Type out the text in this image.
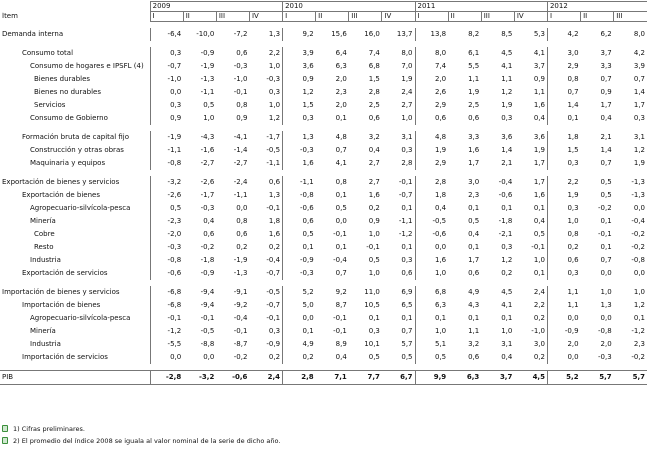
	2009				2010				2011				2012		
Ítem	I	II	III	IV	I	II	III	IV	I	II	III	IV	I	II	III

Demanda interna	-6,4	-10,0	-7,2	1,3	9,2	15,6	16,0	13,7	13,8	8,2	8,5	5,3	4,2	6,2	8,0

Consumo total	0,3	-0,9	0,6	2,2	3,9	6,4	7,4	8,0	8,0	6,1	4,5	4,1	3,0	3,7	4,2
Consumo de hogares e IPSFL (4)	-0,7	-1,9	-0,3	1,0	3,6	6,3	6,8	7,0	7,4	5,5	4,1	3,7	2,9	3,3	3,9
Bienes durables	-1,0	-1,3	-1,0	-0,3	0,9	2,0	1,5	1,9	2,0	1,1	1,1	0,9	0,8	0,7	0,7
Bienes no durables	0,0	-1,1	-0,1	0,3	1,2	2,3	2,8	2,4	2,6	1,9	1,2	1,1	0,7	0,9	1,4
Servicios	0,3	0,5	0,8	1,0	1,5	2,0	2,5	2,7	2,9	2,5	1,9	1,6	1,4	1,7	1,7
Consumo de Gobierno	0,9	1,0	0,9	1,2	0,3	0,1	0,6	1,0	0,6	0,6	0,3	0,4	0,1	0,4	0,3

Formación bruta de capital fijo	-1,9	-4,3	-4,1	-1,7	1,3	4,8	3,2	3,1	4,8	3,3	3,6	3,6	1,8	2,1	3,1
Construcción y otras obras	-1,1	-1,6	-1,4	-0,5	-0,3	0,7	0,4	0,3	1,9	1,6	1,4	1,9	1,5	1,4	1,2
Maquinaria y equipos	-0,8	-2,7	-2,7	-1,1	1,6	4,1	2,7	2,8	2,9	1,7	2,1	1,7	0,3	0,7	1,9

Exportación de bienes y servicios	-3,2	-2,6	-2,4	0,6	-1,1	0,8	2,7	-0,1	2,8	3,0	-0,4	1,7	2,2	0,5	-1,3
Exportación de bienes	-2,6	-1,7	-1,1	1,3	-0,8	0,1	1,6	-0,7	1,8	2,3	-0,6	1,6	1,9	0,5	-1,3
Agropecuario-silvícola-pesca	0,5	-0,3	0,0	-0,1	-0,6	0,5	0,2	0,1	0,4	0,1	0,1	0,1	0,3	-0,2	0,0
Minería	-2,3	0,4	0,8	1,8	0,6	0,0	0,9	-1,1	-0,5	0,5	-1,8	0,4	1,0	0,1	-0,4
Cobre	-2,0	0,6	0,6	1,6	0,5	-0,1	1,0	-1,2	-0,6	0,4	-2,1	0,5	0,8	-0,1	-0,2
Resto	-0,3	-0,2	0,2	0,2	0,1	0,1	-0,1	0,1	0,0	0,1	0,3	-0,1	0,2	0,1	-0,2
Industria	-0,8	-1,8	-1,9	-0,4	-0,9	-0,4	0,5	0,3	1,6	1,7	1,2	1,0	0,6	0,7	-0,8
Exportación de servicios	-0,6	-0,9	-1,3	-0,7	-0,3	0,7	1,0	0,6	1,0	0,6	0,2	0,1	0,3	0,0	0,0

Importación de bienes y servicios	-6,8	-9,4	-9,1	-0,5	5,2	9,2	11,0	6,9	6,8	4,9	4,5	2,4	1,1	1,0	1,0
Importación de bienes	-6,8	-9,4	-9,2	-0,7	5,0	8,7	10,5	6,5	6,3	4,3	4,1	2,2	1,1	1,3	1,2
Agropecuario-silvícola-pesca	-0,1	-0,1	-0,4	-0,1	0,0	-0,1	0,1	0,1	0,1	0,1	0,1	0,2	0,0	0,0	0,1
Minería	-1,2	-0,5	-0,1	0,3	0,1	-0,1	0,3	0,7	1,0	1,1	1,0	-1,0	-0,9	-0,8	-1,2
Industria	-5,5	-8,8	-8,7	-0,9	4,9	8,9	10,1	5,7	5,1	3,2	3,1	3,0	2,0	2,0	2,3
Importación de servicios	0,0	0,0	-0,2	0,2	0,2	0,4	0,5	0,5	0,5	0,6	0,4	0,2	0,0	-0,3	-0,2

PIB	-2,8	-3,2	-0,6	2,4	2,8	7,1	7,7	6,7	9,9	6,3	3,7	4,5	5,2	5,7	5,7
1) Cifras preliminares.
2) El promedio del índice 2008 se iguala al valor nominal de la serie de dicho año.
